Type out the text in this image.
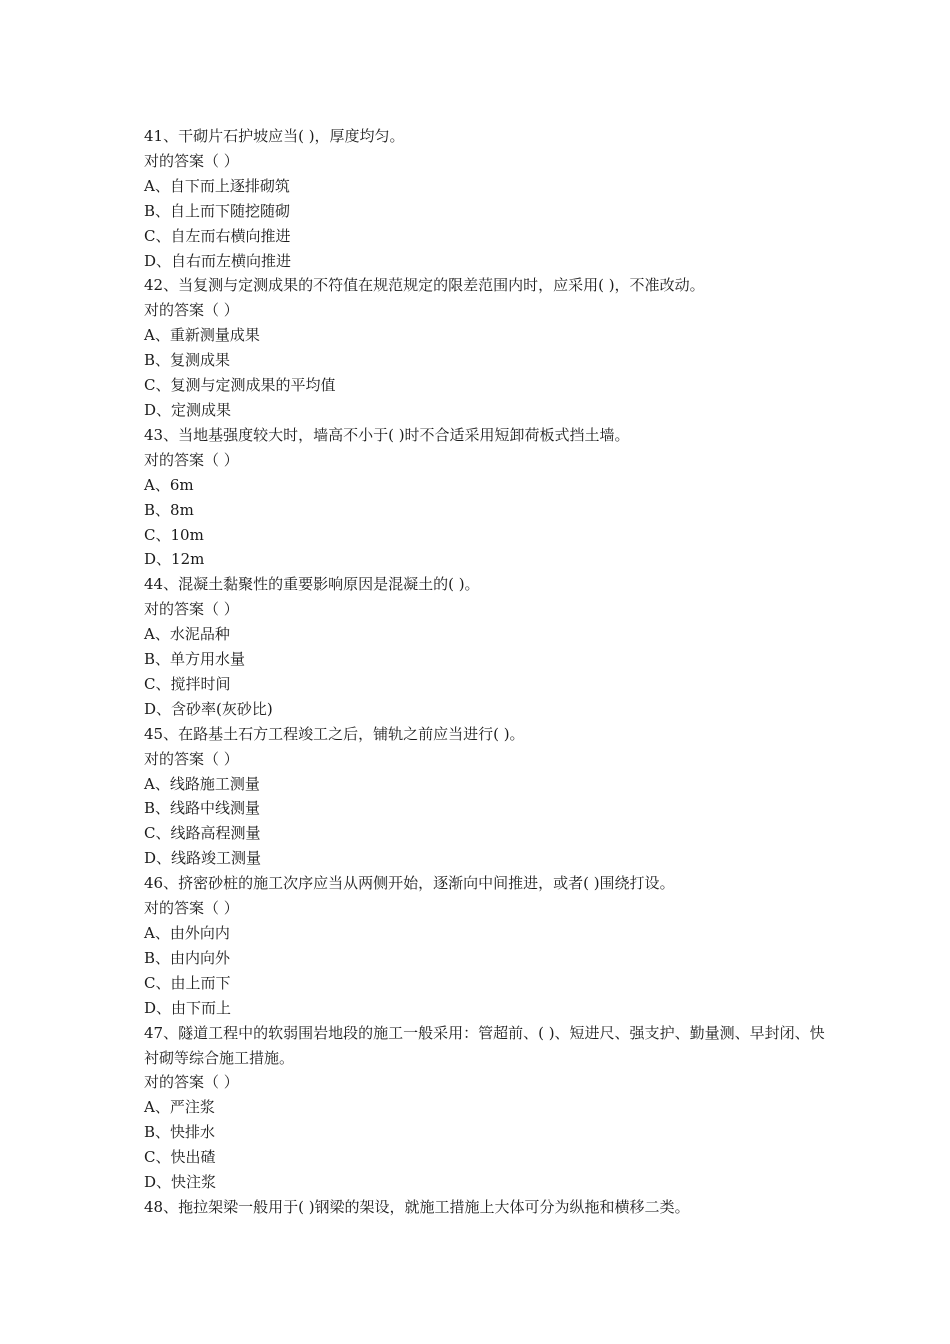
41、干砌片石护坡应当( )，厚度均匀。
对的答案（ ）
A、自下而上逐排砌筑
B、自上而下随挖随砌
C、自左而右横向推进
D、自右而左横向推进
42、当复测与定测成果的不符值在规范规定的限差范围内时，应采用( )，不准改动。
对的答案（ ）
A、重新测量成果
B、复测成果
C、复测与定测成果的平均值
D、定测成果
43、当地基强度较大时，墙高不小于( )时不合适采用短卸荷板式挡土墙。
对的答案（ ）
A、6m
B、8m
C、10m
D、12m
44、混凝土黏聚性的重要影响原因是混凝土的( )。
对的答案（ ）
A、水泥品种
B、单方用水量
C、搅拌时间
D、含砂率(灰砂比)
45、在路基土石方工程竣工之后，铺轨之前应当进行( )。
对的答案（ ）
A、线路施工测量
B、线路中线测量
C、线路高程测量
D、线路竣工测量
46、挤密砂桩的施工次序应当从两侧开始，逐渐向中间推进，或者( )围绕打设。
对的答案（ ）
A、由外向内
B、由内向外
C、由上而下
D、由下而上
47、隧道工程中的软弱围岩地段的施工一般采用：管超前、( )、短进尺、强支护、勤量测、早封闭、快衬砌等综合施工措施。
对的答案（ ）
A、严注浆
B、快排水
C、快出碴
D、快注浆
48、拖拉架梁一般用于( )钢梁的架设，就施工措施上大体可分为纵拖和横移二类。
